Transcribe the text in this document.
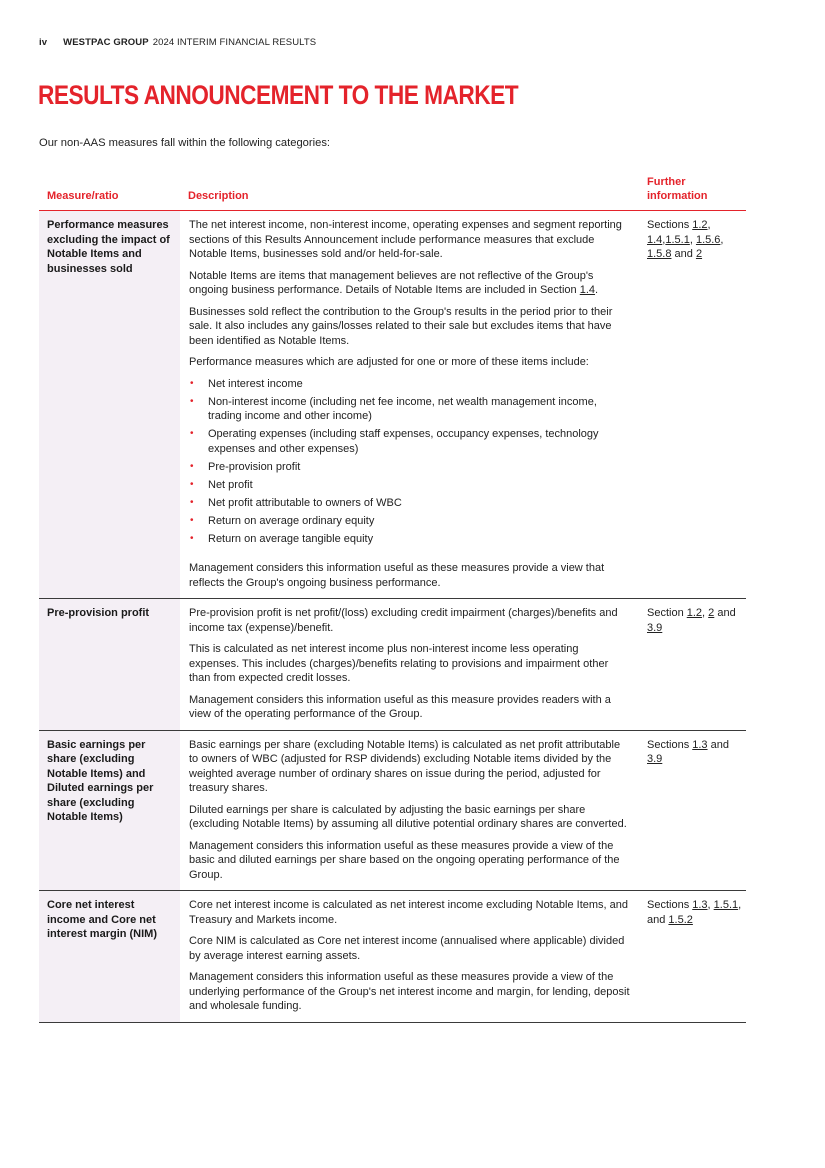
iv WESTPAC GROUP 2024 INTERIM FINANCIAL RESULTS
RESULTS ANNOUNCEMENT TO THE MARKET
Our non-AAS measures fall within the following categories:
Measure/ratio	Description
Further information
Performance measures excluding the impact of Notable Items and businesses sold

The net interest income, non-interest income, operating expenses and segment reporting sections of this Results Announcement include performance measures that exclude Notable Items, businesses sold and/or held-for-sale.

Notable Items are items that management believes are not reflective of the Group's ongoing business performance. Details of Notable Items are included in Section 1.4.

Businesses sold reflect the contribution to the Group's results in the period prior to their sale. It also includes any gains/losses related to their sale but excludes items that have been identified as Notable Items.

Performance measures which are adjusted for one or more of these items include:

• Net interest income
• Non-interest income (including net fee income, net wealth management income, trading income and other income)
• Operating expenses (including staff expenses, occupancy expenses, technology expenses and other expenses)
• Pre-provision profit
• Net profit
• Net profit attributable to owners of WBC
• Return on average ordinary equity
• Return on average tangible equity

Management considers this information useful as these measures provide a view that reflects the Group's ongoing business performance.

Sections 1.2, 1.4,1.5.1, 1.5.6, 1.5.8 and 2
Pre-provision profit	Pre-provision profit is net profit/(loss) excluding credit impairment (charges)/benefits and income tax (expense)/benefit.

This is calculated as net interest income plus non-interest income less operating expenses. This includes (charges)/benefits relating to provisions and impairment other than from expected credit losses.

Management considers this information useful as this measure provides readers with a view of the operating performance of the Group.

Section 1.2, 2 and 3.9
Basic earnings per share (excluding Notable Items) and Diluted earnings per share (excluding Notable Items)

Basic earnings per share (excluding Notable Items) is calculated as net profit attributable to owners of WBC (adjusted for RSP dividends) excluding Notable items divided by the weighted average number of ordinary shares on issue during the period, adjusted for treasury shares.

Diluted earnings per share is calculated by adjusting the basic earnings per share (excluding Notable Items) by assuming all dilutive potential ordinary shares are converted.

Management considers this information useful as these measures provide a view of the basic and diluted earnings per share based on the ongoing operating performance of the Group.

Sections 1.3 and 3.9
Core net interest income and Core net interest margin (NIM)

Core net interest income is calculated as net interest income excluding Notable Items, and Treasury and Markets income.

Core NIM is calculated as Core net interest income (annualised where applicable) divided by average interest earning assets.

Management considers this information useful as these measures provide a view of the underlying performance of the Group's net interest income and margin, for lending, deposit and wholesale funding.

Sections 1.3, 1.5.1, and 1.5.2
